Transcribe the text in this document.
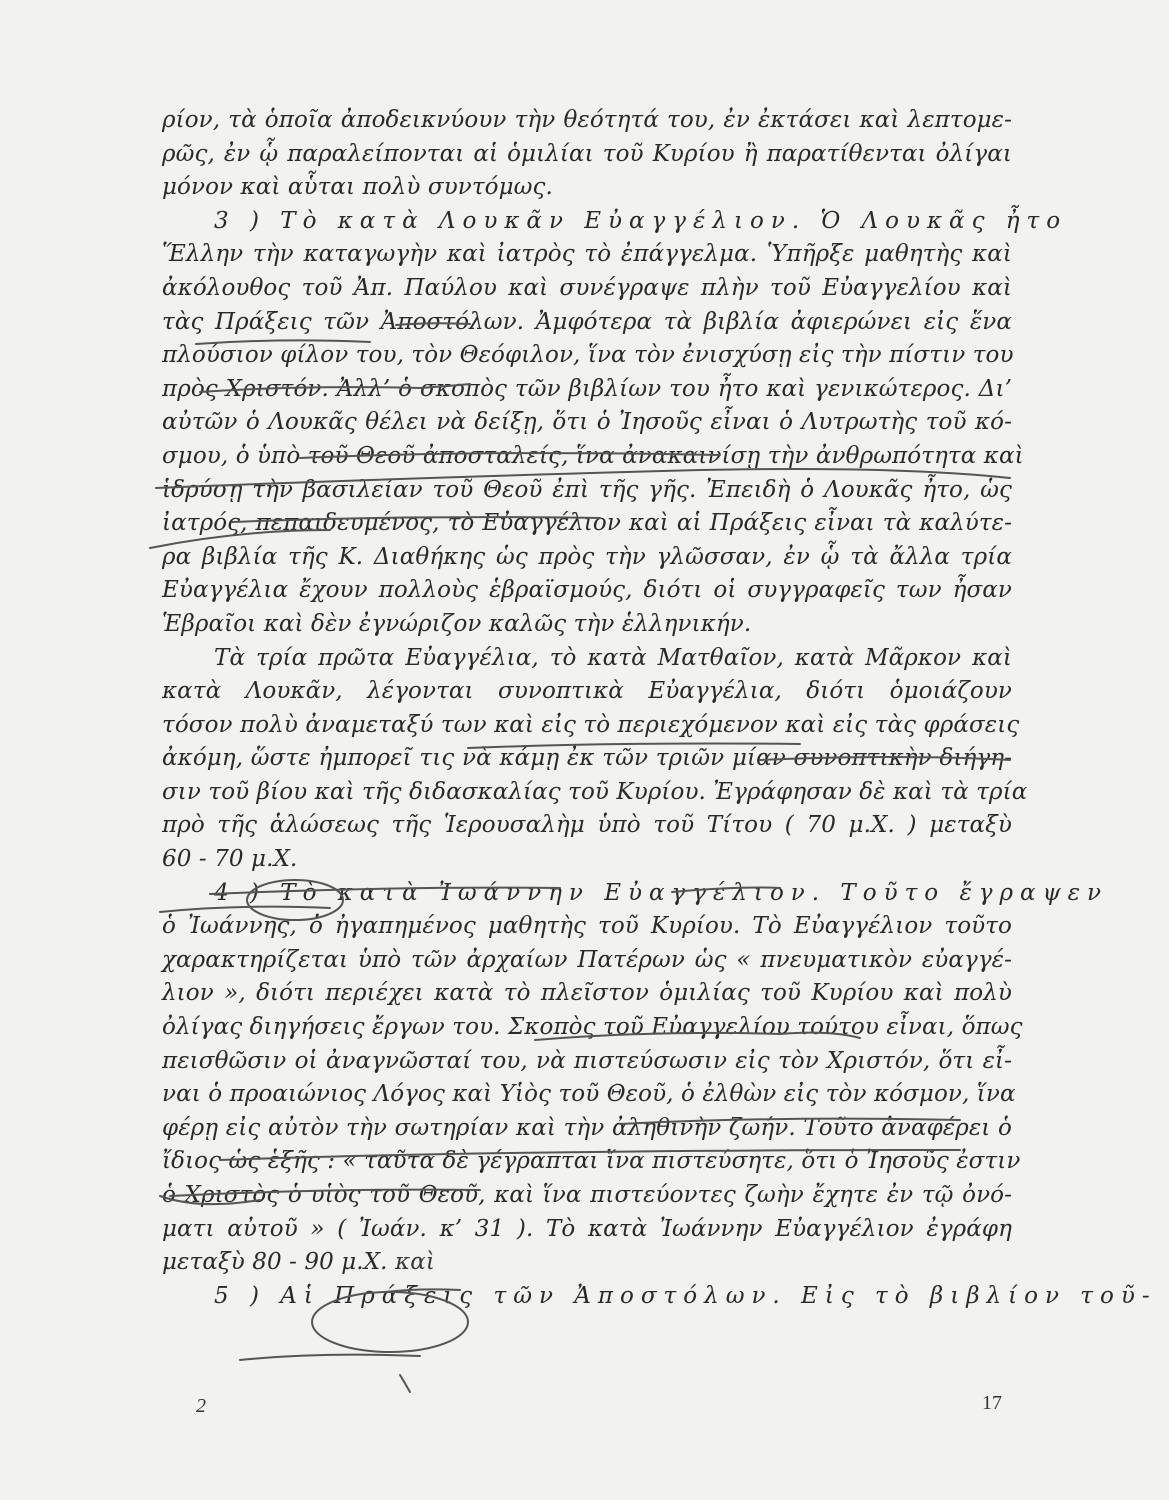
ρίον, τὰ ὁποῖα ἀποδεικνύουν τὴν θεότητά του, ἐν ἐκτάσει καὶ λεπτομε-
ρῶς, ἐν ᾧ παραλείπονται αἱ ὁμιλίαι τοῦ Κυρίου ἢ παρατίθενται ὀλίγαι
μόνον καὶ αὗται πολὺ συντόμως.
3 ) Τὸ κατὰ Λουκᾶν Εὐαγγέλιον. Ὁ Λουκᾶς ἦτο
Ἕλλην τὴν καταγωγὴν καὶ ἰατρὸς τὸ ἐπάγγελμα. Ὑπῆρξε μαθητὴς καὶ
ἀκόλουθος τοῦ Ἀπ. Παύλου καὶ συνέγραψε πλὴν τοῦ Εὐαγγελίου καὶ
τὰς Πράξεις τῶν Ἀποστόλων. Ἀμφότερα τὰ βιβλία ἀφιερώνει εἰς ἕνα
πλούσιον φίλον του, τὸν Θεόφιλον, ἵνα τὸν ἐνισχύσῃ εἰς τὴν πίστιν του
πρὸς Χριστόν. Ἀλλ’ ὁ σκοπὸς τῶν βιβλίων του ἦτο καὶ γενικώτερος. Δι’
αὐτῶν ὁ Λουκᾶς θέλει νὰ δείξῃ, ὅτι ὁ Ἰησοῦς εἶναι ὁ Λυτρωτὴς τοῦ κό-
σμου, ὁ ὑπὸ τοῦ Θεοῦ ἀποσταλείς, ἵνα ἀνακαινίσῃ τὴν ἀνθρωπότητα καὶ
ἱδρύσῃ τὴν βασιλείαν τοῦ Θεοῦ ἐπὶ τῆς γῆς. Ἐπειδὴ ὁ Λουκᾶς ἦτο, ὡς
ἰατρός, πεπαιδευμένος, τὸ Εὐαγγέλιον καὶ αἱ Πράξεις εἶναι τὰ καλύτε-
ρα βιβλία τῆς Κ. Διαθήκης ὡς πρὸς τὴν γλῶσσαν, ἐν ᾧ τὰ ἄλλα τρία
Εὐαγγέλια ἔχουν πολλοὺς ἑβραϊσμούς, διότι οἱ συγγραφεῖς των ἦσαν
Ἑβραῖοι καὶ δὲν ἐγνώριζον καλῶς τὴν ἑλληνικήν.
Τὰ τρία πρῶτα Εὐαγγέλια, τὸ κατὰ Ματθαῖον, κατὰ Μᾶρκον καὶ
κατὰ Λουκᾶν, λέγονται συνοπτικὰ Εὐαγγέλια, διότι ὁμοιάζουν
τόσον πολὺ ἀναμεταξύ των καὶ εἰς τὸ περιεχόμενον καὶ εἰς τὰς φράσεις
ἀκόμη, ὥστε ἠμπορεῖ τις νὰ κάμῃ ἐκ τῶν τριῶν μίαν συνοπτικὴν διήγη-
σιν τοῦ βίου καὶ τῆς διδασκαλίας τοῦ Κυρίου. Ἐγράφησαν δὲ καὶ τὰ τρία
πρὸ τῆς ἁλώσεως τῆς Ἱερουσαλὴμ ὑπὸ τοῦ Τίτου ( 70 μ.Χ. ) μεταξὺ
60 - 70 μ.Χ.
4 ) Τὸ κατὰ Ἰωάννην Εὐαγγέλιον. Τοῦτο ἔγραψεν
ὁ Ἰωάννης, ὁ ἠγαπημένος μαθητὴς τοῦ Κυρίου. Τὸ Εὐαγγέλιον τοῦτο
χαρακτηρίζεται ὑπὸ τῶν ἀρχαίων Πατέρων ὡς « πνευματικὸν εὐαγγέ-
λιον », διότι περιέχει κατὰ τὸ πλεῖστον ὁμιλίας τοῦ Κυρίου καὶ πολὺ
ὀλίγας διηγήσεις ἔργων του. Σκοπὸς τοῦ Εὐαγγελίου τούτου εἶναι, ὅπως
πεισθῶσιν οἱ ἀναγνῶσταί του, νὰ πιστεύσωσιν εἰς τὸν Χριστόν, ὅτι εἶ-
ναι ὁ προαιώνιος Λόγος καὶ Υἱὸς τοῦ Θεοῦ, ὁ ἐλθὼν εἰς τὸν κόσμον, ἵνα
φέρῃ εἰς αὐτὸν τὴν σωτηρίαν καὶ τὴν ἀληθινὴν ζωήν. Τοῦτο ἀναφέρει ὁ
ἴδιος ὡς ἑξῆς : « ταῦτα δὲ γέγραπται ἵνα πιστεύσητε, ὅτι ὁ Ἰησοῦς ἐστιν
ὁ Χριστὸς ὁ υἱὸς τοῦ Θεοῦ, καὶ ἵνα πιστεύοντες ζωὴν ἔχητε ἐν τῷ ὀνό-
ματι αὐτοῦ » ( Ἰωάν. κ’ 31 ). Τὸ κατὰ Ἰωάννην Εὐαγγέλιον ἐγράφη
μεταξὺ 80 - 90 μ.Χ. καὶ
5 ) Αἱ Πράξεις τῶν Ἀποστόλων. Εἰς τὸ βιβλίον τοῦ-
2	17
